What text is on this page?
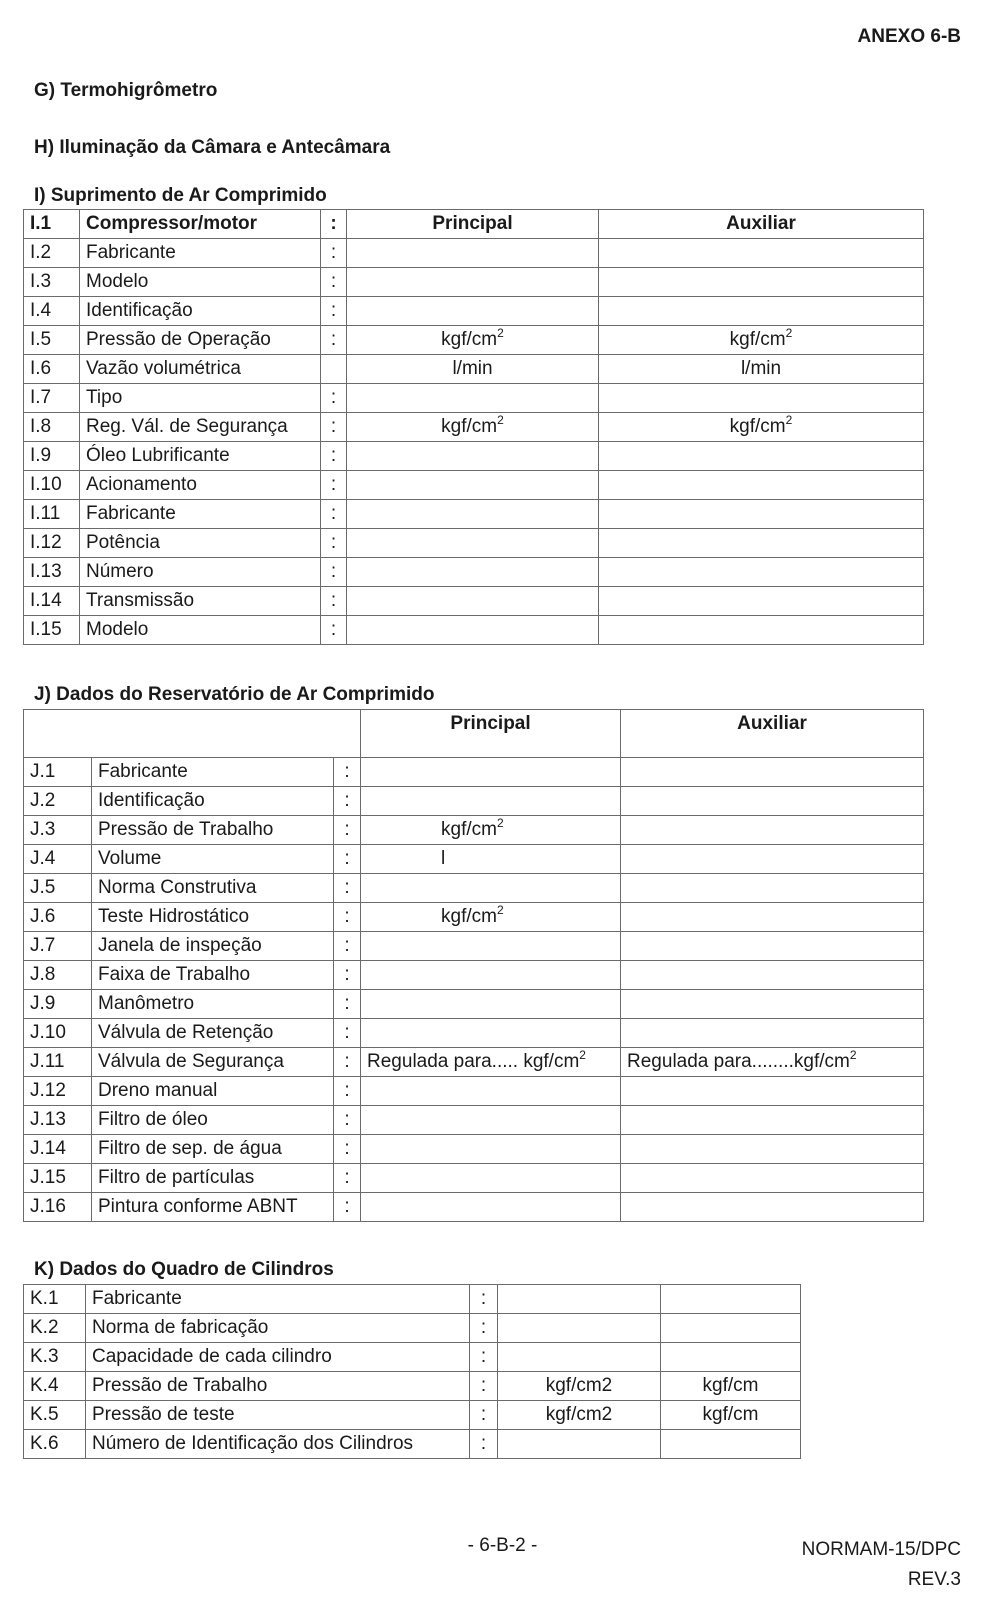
ANEXO 6-B
G) Termohigrômetro
H) Iluminação da Câmara e Antecâmara
I) Suprimento de Ar Comprimido
I.1	Compressor/motor	:	Principal	Auxiliar
I.2	Fabricante	:		
I.3	Modelo	:		
I.4	Identificação	:		
I.5	Pressão de Operação	:	kgf/$cm^2$	kgf/$cm^2$
I.6	Vazão volumétrica		l/min	l/min
I.7	Tipo	:		
I.8	Reg. Vál. de Segurança	:	kgf/$cm^2$	kgf/$cm^2$
I.9	Óleo Lubrificante	:		
I.10	Acionamento	:		
I.11	Fabricante	:		
I.12	Potência	:		
I.13	Número	:		
I.14	Transmissão	:		
I.15	Modelo	:		
J) Dados do Reservatório de Ar Comprimido
			Principal	Auxiliar
J.1	Fabricante	:		
J.2	Identificação	:		
J.3	Pressão de Trabalho	:	kgf/$cm^2$	
J.4	Volume	:	l	
J.5	Norma Construtiva	:		
J.6	Teste Hidrostático	:	kgf/$cm^2$	
J.7	Janela de inspeção	:		
J.8	Faixa de Trabalho	:		
J.9	Manômetro	:		
J.10	Válvula de Retenção	:		
J.11	Válvula de Segurança	:	Regulada para..... kgf/$cm^2$	Regulada $para........kgf/cm^2$
J.12	Dreno manual	:		
J.13	Filtro de óleo	:		
J.14	Filtro de sep. de água	:		
J.15	Filtro de partículas	:		
J.16	Pintura conforme ABNT	:		
K) Dados do Quadro de Cilindros
K.1	Fabricante	:		
K.2	Norma de fabricação	:		
K.3	Capacidade de cada cilindro	:		
K.4	Pressão de Trabalho	:	kgf/cm2	kgf/cm
K.5	Pressão de teste	:	kgf/cm2	kgf/cm
K.6	Número de Identificação dos Cilindros	:		
- 6-B-2 -	NORMAM-15/DPC
REV.3
